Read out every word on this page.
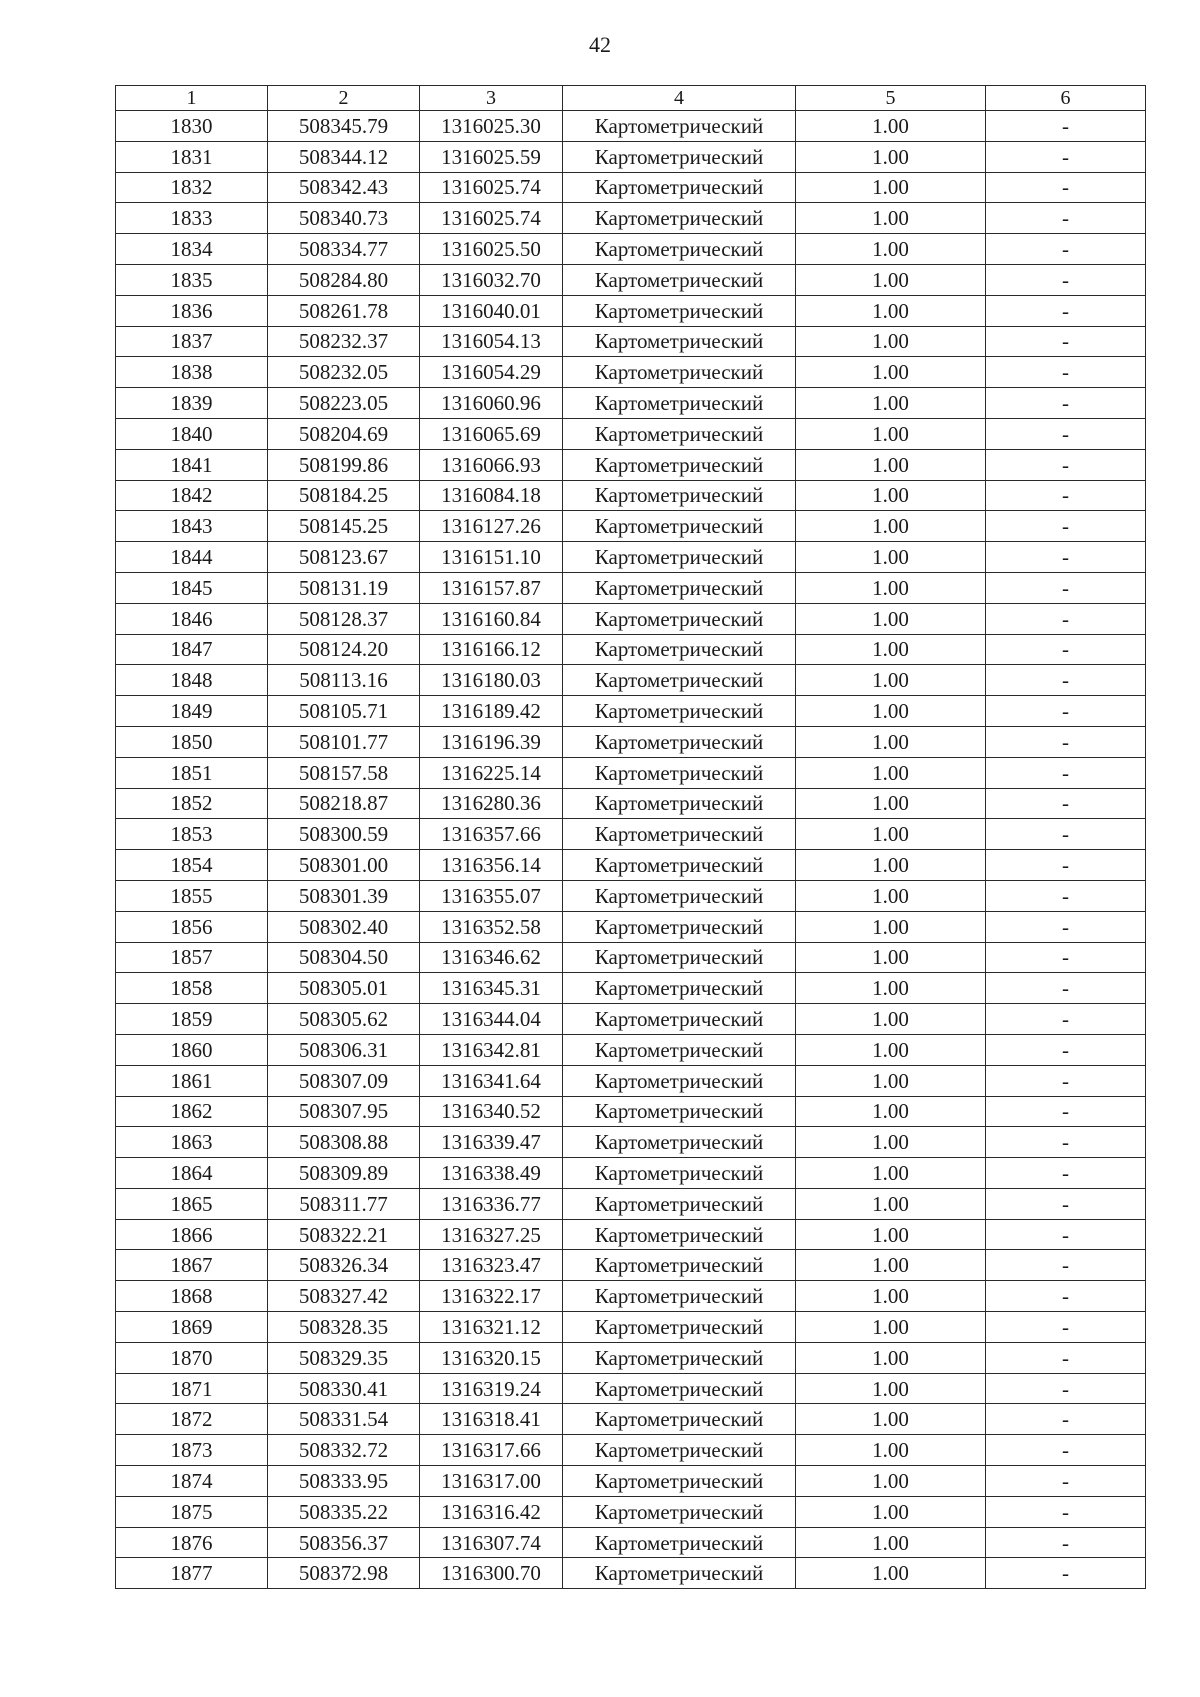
42
1	2	3	4	5	6
1830	508345.79	1316025.30	Картометрический	1.00	-
1831	508344.12	1316025.59	Картометрический	1.00	-
1832	508342.43	1316025.74	Картометрический	1.00	-
1833	508340.73	1316025.74	Картометрический	1.00	-
1834	508334.77	1316025.50	Картометрический	1.00	-
1835	508284.80	1316032.70	Картометрический	1.00	-
1836	508261.78	1316040.01	Картометрический	1.00	-
1837	508232.37	1316054.13	Картометрический	1.00	-
1838	508232.05	1316054.29	Картометрический	1.00	-
1839	508223.05	1316060.96	Картометрический	1.00	-
1840	508204.69	1316065.69	Картометрический	1.00	-
1841	508199.86	1316066.93	Картометрический	1.00	-
1842	508184.25	1316084.18	Картометрический	1.00	-
1843	508145.25	1316127.26	Картометрический	1.00	-
1844	508123.67	1316151.10	Картометрический	1.00	-
1845	508131.19	1316157.87	Картометрический	1.00	-
1846	508128.37	1316160.84	Картометрический	1.00	-
1847	508124.20	1316166.12	Картометрический	1.00	-
1848	508113.16	1316180.03	Картометрический	1.00	-
1849	508105.71	1316189.42	Картометрический	1.00	-
1850	508101.77	1316196.39	Картометрический	1.00	-
1851	508157.58	1316225.14	Картометрический	1.00	-
1852	508218.87	1316280.36	Картометрический	1.00	-
1853	508300.59	1316357.66	Картометрический	1.00	-
1854	508301.00	1316356.14	Картометрический	1.00	-
1855	508301.39	1316355.07	Картометрический	1.00	-
1856	508302.40	1316352.58	Картометрический	1.00	-
1857	508304.50	1316346.62	Картометрический	1.00	-
1858	508305.01	1316345.31	Картометрический	1.00	-
1859	508305.62	1316344.04	Картометрический	1.00	-
1860	508306.31	1316342.81	Картометрический	1.00	-
1861	508307.09	1316341.64	Картометрический	1.00	-
1862	508307.95	1316340.52	Картометрический	1.00	-
1863	508308.88	1316339.47	Картометрический	1.00	-
1864	508309.89	1316338.49	Картометрический	1.00	-
1865	508311.77	1316336.77	Картометрический	1.00	-
1866	508322.21	1316327.25	Картометрический	1.00	-
1867	508326.34	1316323.47	Картометрический	1.00	-
1868	508327.42	1316322.17	Картометрический	1.00	-
1869	508328.35	1316321.12	Картометрический	1.00	-
1870	508329.35	1316320.15	Картометрический	1.00	-
1871	508330.41	1316319.24	Картометрический	1.00	-
1872	508331.54	1316318.41	Картометрический	1.00	-
1873	508332.72	1316317.66	Картометрический	1.00	-
1874	508333.95	1316317.00	Картометрический	1.00	-
1875	508335.22	1316316.42	Картометрический	1.00	-
1876	508356.37	1316307.74	Картометрический	1.00	-
1877	508372.98	1316300.70	Картометрический	1.00	-
